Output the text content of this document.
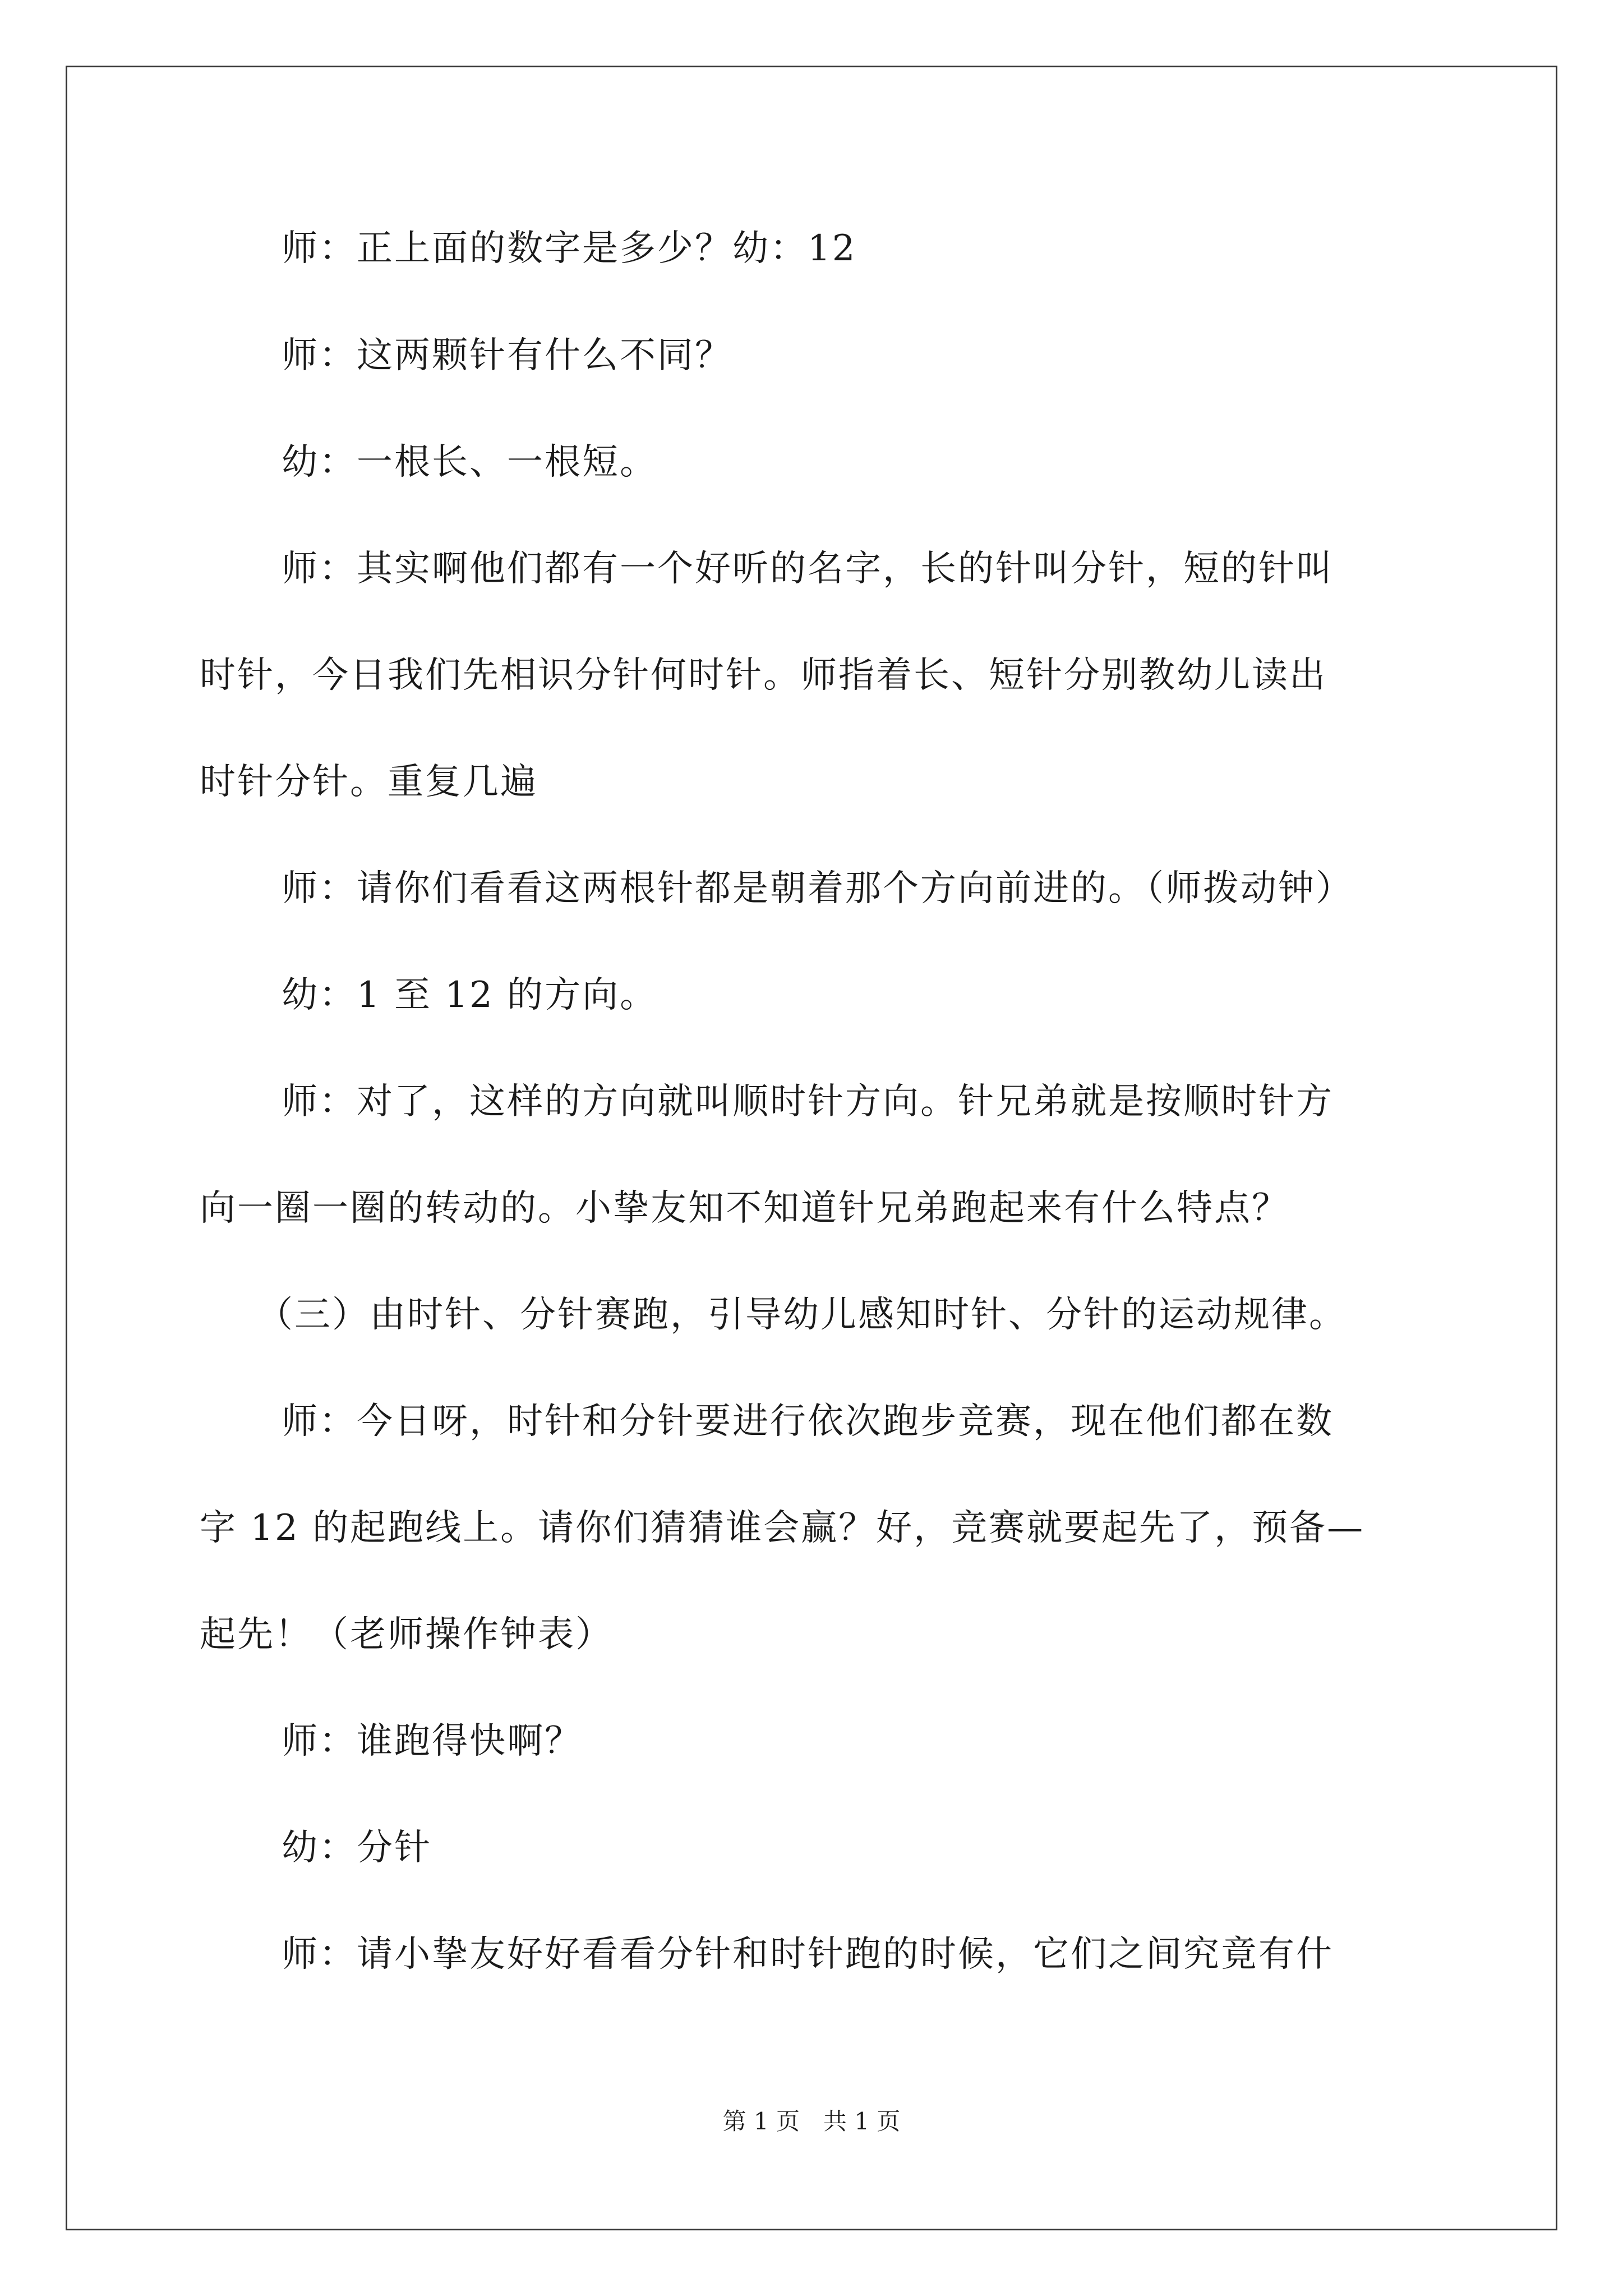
师：正上面的数字是多少？幼：12
师：这两颗针有什么不同？
幼：一根长、一根短。
师：其实啊他们都有一个好听的名字，长的针叫分针，短的针叫
时针，今日我们先相识分针何时针。师指着长、短针分别教幼儿读出
时针分针。重复几遍
师：请你们看看这两根针都是朝着那个方向前进的。（师拨动钟）
幼：1 至 12 的方向。
师：对了，这样的方向就叫顺时针方向。针兄弟就是按顺时针方
向一圈一圈的转动的。小挚友知不知道针兄弟跑起来有什么特点？
（三）由时针、分针赛跑，引导幼儿感知时针、分针的运动规律。
师：今日呀，时针和分针要进行依次跑步竞赛，现在他们都在数
字 12 的起跑线上。请你们猜猜谁会赢？好，竞赛就要起先了，预备—
起先！（老师操作钟表）
师：谁跑得快啊？
幼：分针
师：请小挚友好好看看分针和时针跑的时候，它们之间究竟有什
第 1 页　共 1 页
